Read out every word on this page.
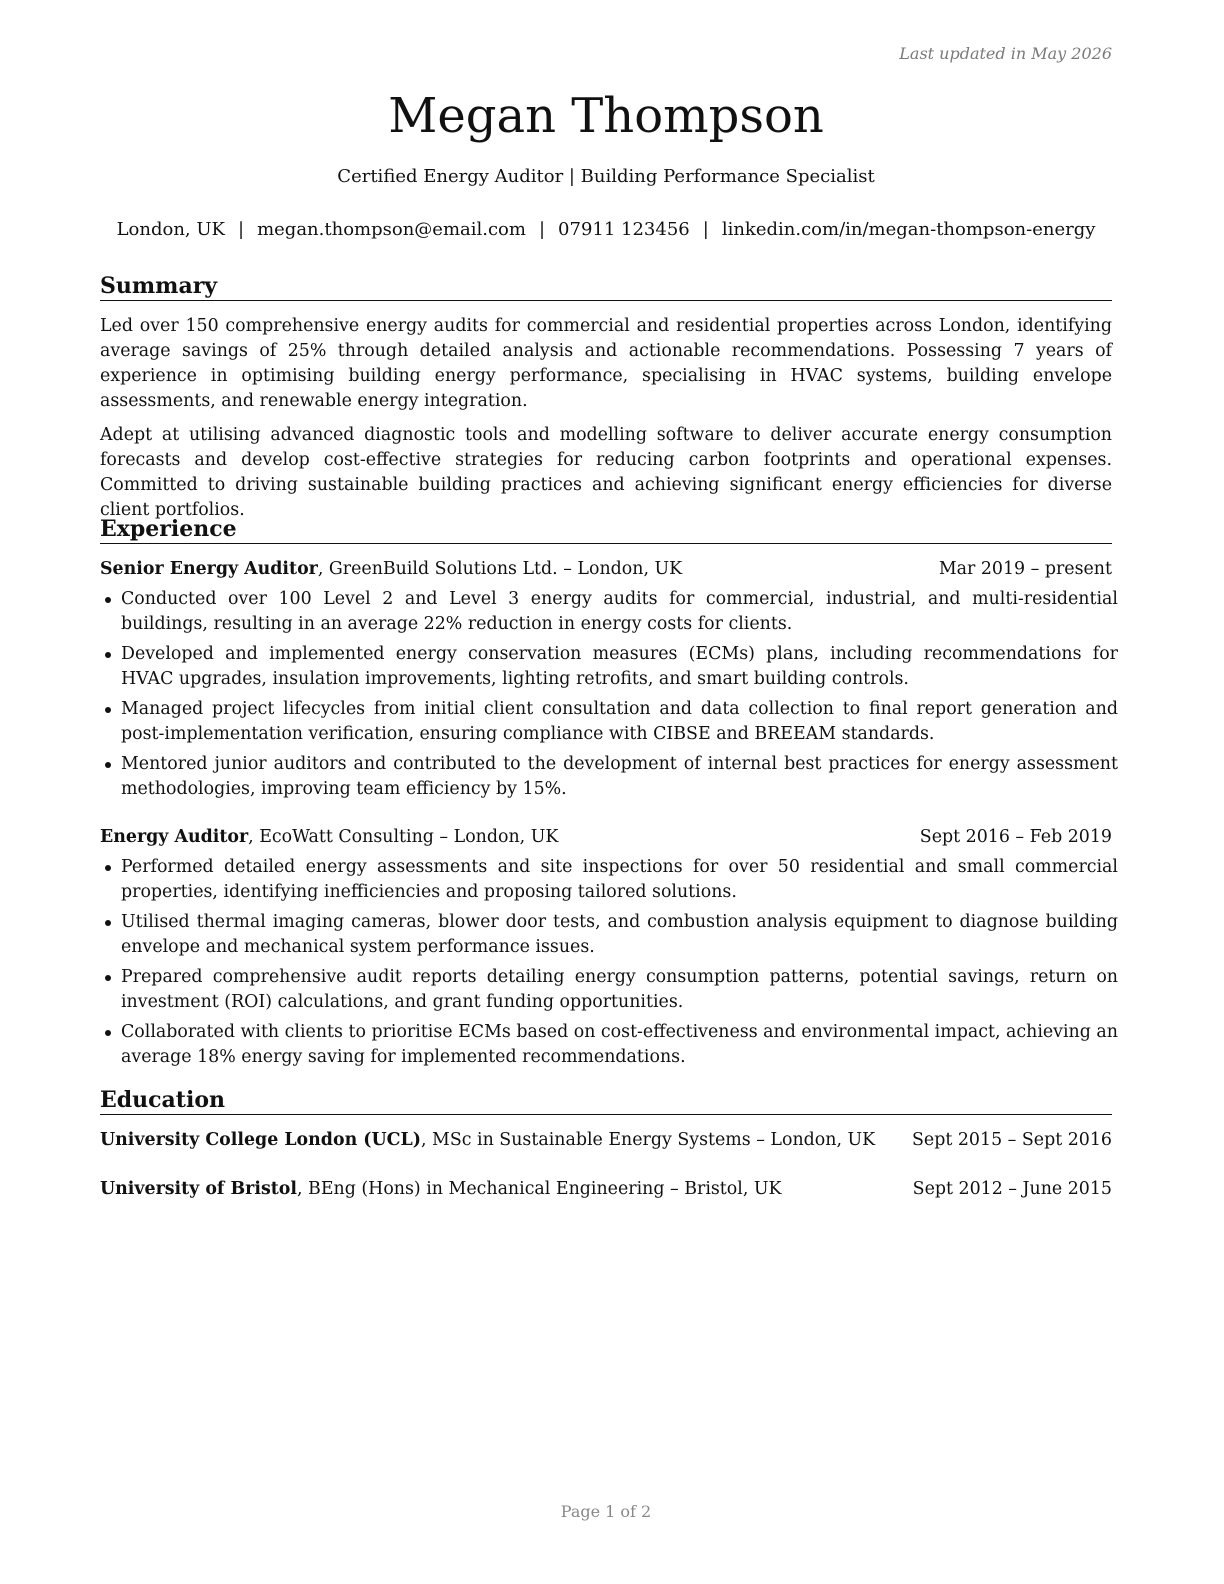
Last updated in May 2026
Megan Thompson
Certified Energy Auditor | Building Performance Specialist
London, UK | megan.thompson@email.com | 07911 123456 | linkedin.com/in/megan-thompson-energy
Summary
Led over 150 comprehensive energy audits for commercial and residential properties across London, identifying average savings of 25% through detailed analysis and actionable recommendations. Possessing 7 years of experience in optimising building energy performance, specialising in HVAC systems, building envelope assessments, and renewable energy integration.
Adept at utilising advanced diagnostic tools and modelling software to deliver accurate energy consumption forecasts and develop cost-effective strategies for reducing carbon footprints and operational expenses. Committed to driving sustainable building practices and achieving significant energy efficiencies for diverse client portfolios.
Experience
Senior Energy Auditor, GreenBuild Solutions Ltd. – London, UK	Mar 2019 – present
Conducted over 100 Level 2 and Level 3 energy audits for commercial, industrial, and multi-residential buildings, resulting in an average 22% reduction in energy costs for clients.
Developed and implemented energy conservation measures (ECMs) plans, including recommendations for HVAC upgrades, insulation improvements, lighting retrofits, and smart building controls.
Managed project lifecycles from initial client consultation and data collection to final report generation and post-implementation verification, ensuring compliance with CIBSE and BREEAM standards.
Mentored junior auditors and contributed to the development of internal best practices for energy assessment methodologies, improving team efficiency by 15%.
Energy Auditor, EcoWatt Consulting – London, UK	Sept 2016 – Feb 2019
Performed detailed energy assessments and site inspections for over 50 residential and small commercial properties, identifying inefficiencies and proposing tailored solutions.
Utilised thermal imaging cameras, blower door tests, and combustion analysis equipment to diagnose building envelope and mechanical system performance issues.
Prepared comprehensive audit reports detailing energy consumption patterns, potential savings, return on investment (ROI) calculations, and grant funding opportunities.
Collaborated with clients to prioritise ECMs based on cost-effectiveness and environmental impact, achieving an average 18% energy saving for implemented recommendations.
Education
University College London (UCL), MSc in Sustainable Energy Systems – London, UK Sept 2015 – Sept 2016
University of Bristol, BEng (Hons) in Mechanical Engineering – Bristol, UK	Sept 2012 – June 2015
Page 1 of 2
